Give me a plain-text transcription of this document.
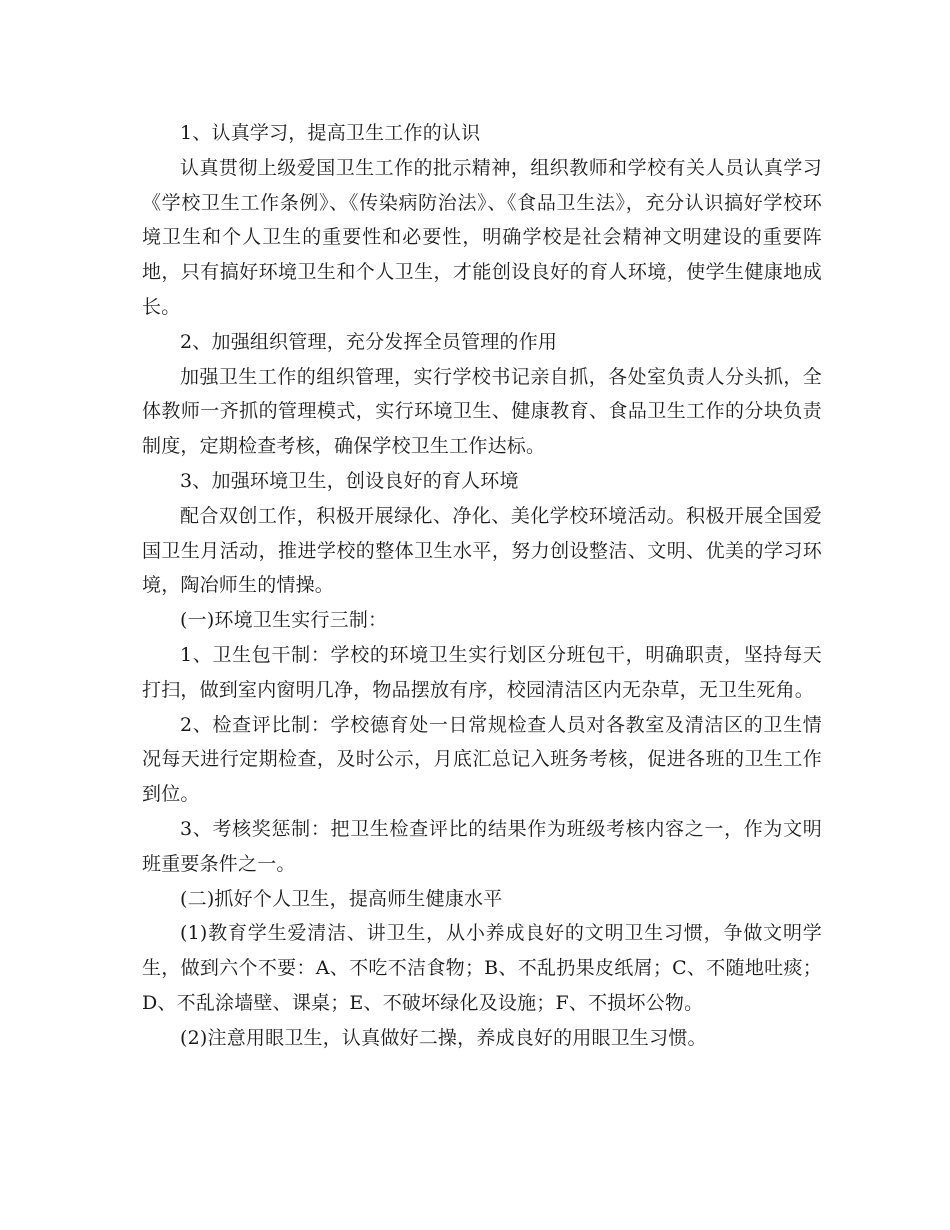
1、认真学习，提高卫生工作的认识

认真贯彻上级爱国卫生工作的批示精神，组织教师和学校有关人员认真学习《学校卫生工作条例》、《传染病防治法》、《食品卫生法》，充分认识搞好学校环境卫生和个人卫生的重要性和必要性，明确学校是社会精神文明建设的重要阵地，只有搞好环境卫生和个人卫生，才能创设良好的育人环境，使学生健康地成长。

2、加强组织管理，充分发挥全员管理的作用

加强卫生工作的组织管理，实行学校书记亲自抓，各处室负责人分头抓，全体教师一齐抓的管理模式，实行环境卫生、健康教育、食品卫生工作的分块负责制度，定期检查考核，确保学校卫生工作达标。

3、加强环境卫生，创设良好的育人环境

配合双创工作，积极开展绿化、净化、美化学校环境活动。积极开展全国爱国卫生月活动，推进学校的整体卫生水平，努力创设整洁、文明、优美的学习环境，陶冶师生的情操。

(一)环境卫生实行三制：

1、卫生包干制：学校的环境卫生实行划区分班包干，明确职责，坚持每天打扫，做到室内窗明几净，物品摆放有序，校园清洁区内无杂草，无卫生死角。

2、检查评比制：学校德育处一日常规检查人员对各教室及清洁区的卫生情况每天进行定期检查，及时公示，月底汇总记入班务考核，促进各班的卫生工作到位。

3、考核奖惩制：把卫生检查评比的结果作为班级考核内容之一，作为文明班重要条件之一。

(二)抓好个人卫生，提高师生健康水平

(1)教育学生爱清洁、讲卫生，从小养成良好的文明卫生习惯，争做文明学生，做到六个不要：A、不吃不洁食物；B、不乱扔果皮纸屑；C、不随地吐痰；D、不乱涂墙壁、课桌；E、不破坏绿化及设施；F、不损坏公物。

(2)注意用眼卫生，认真做好二操，养成良好的用眼卫生习惯。
